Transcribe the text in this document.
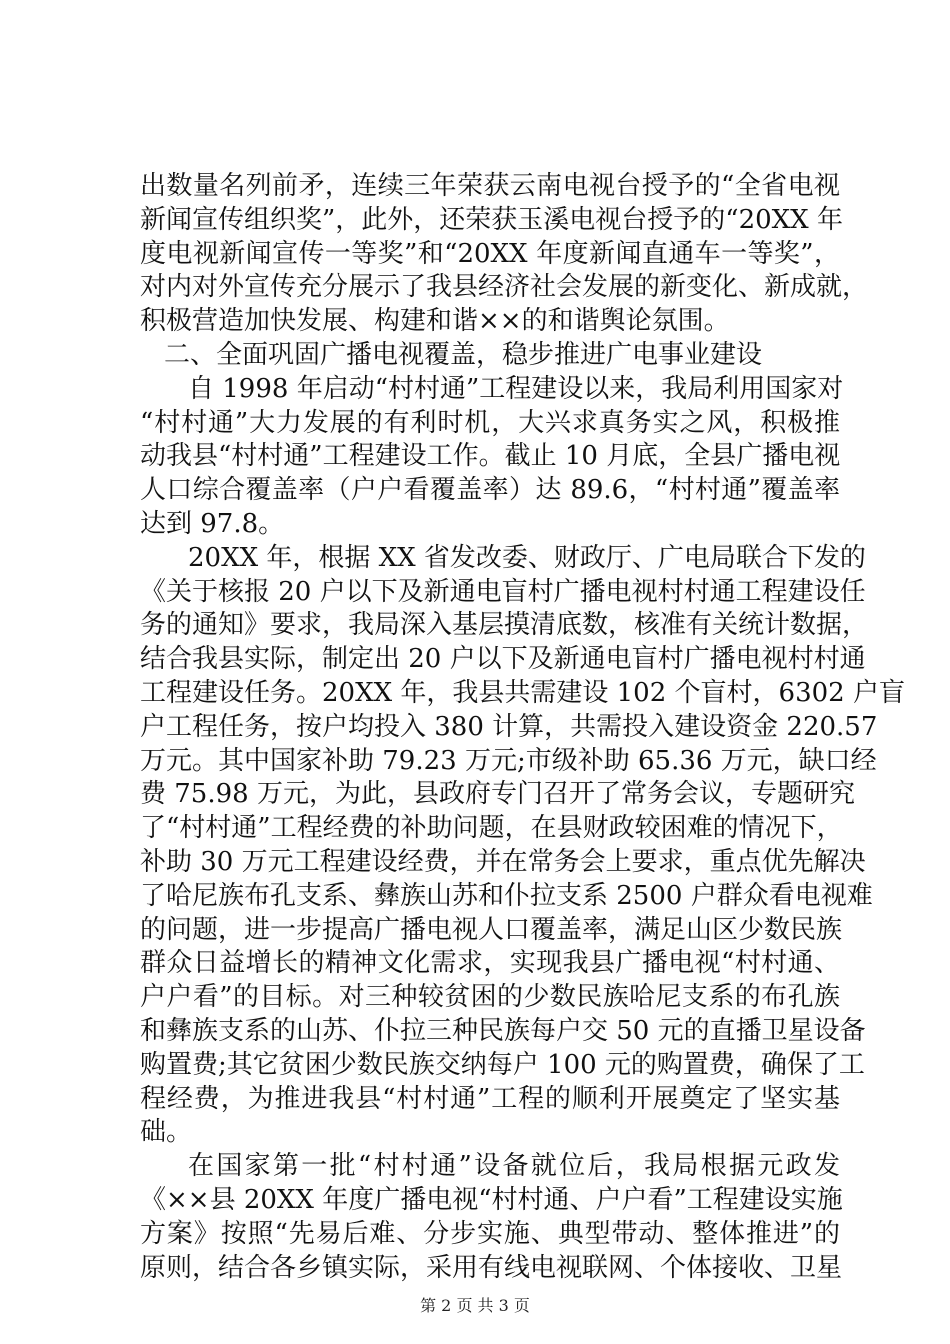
出数量名列前矛，连续三年荣获云南电视台授予的“全省电视
新闻宣传组织奖”，此外，还荣获玉溪电视台授予的“20XX 年
度电视新闻宣传一等奖”和“20XX 年度新闻直通车一等奖”，
对内对外宣传充分展示了我县经济社会发展的新变化、新成就，
积极营造加快发展、构建和谐××的和谐舆论氛围。
二、全面巩固广播电视覆盖，稳步推进广电事业建设
自 1998 年启动“村村通”工程建设以来，我局利用国家对
“村村通”大力发展的有利时机，大兴求真务实之风，积极推
动我县“村村通”工程建设工作。截止 10 月底，全县广播电视
人口综合覆盖率（户户看覆盖率）达 89.6，“村村通”覆盖率
达到 97.8。
20XX 年，根据 XX 省发改委、财政厅、广电局联合下发的
《关于核报 20 户以下及新通电盲村广播电视村村通工程建设任
务的通知》要求，我局深入基层摸清底数，核准有关统计数据，
结合我县实际，制定出 20 户以下及新通电盲村广播电视村村通
工程建设任务。20XX 年，我县共需建设 102 个盲村，6302 户盲
户工程任务，按户均投入 380 计算，共需投入建设资金 220.57
万元。其中国家补助 79.23 万元;市级补助 65.36 万元，缺口经
费 75.98 万元，为此，县政府专门召开了常务会议，专题研究
了“村村通”工程经费的补助问题，在县财政较困难的情况下，
补助 30 万元工程建设经费，并在常务会上要求，重点优先解决
了哈尼族布孔支系、彝族山苏和仆拉支系 2500 户群众看电视难
的问题，进一步提高广播电视人口覆盖率，满足山区少数民族
群众日益增长的精神文化需求，实现我县广播电视“村村通、
户户看”的目标。对三种较贫困的少数民族哈尼支系的布孔族
和彝族支系的山苏、仆拉三种民族每户交 50 元的直播卫星设备
购置费;其它贫困少数民族交纳每户 100 元的购置费，确保了工
程经费，为推进我县“村村通”工程的顺利开展奠定了坚实基
础。
在国家第一批“村村通”设备就位后，我局根据元政发
《××县 20XX 年度广播电视“村村通、户户看”工程建设实施
方案》按照“先易后难、分步实施、典型带动、整体推进”的
原则，结合各乡镇实际，采用有线电视联网、个体接收、卫星
第 2 页 共 3 页
